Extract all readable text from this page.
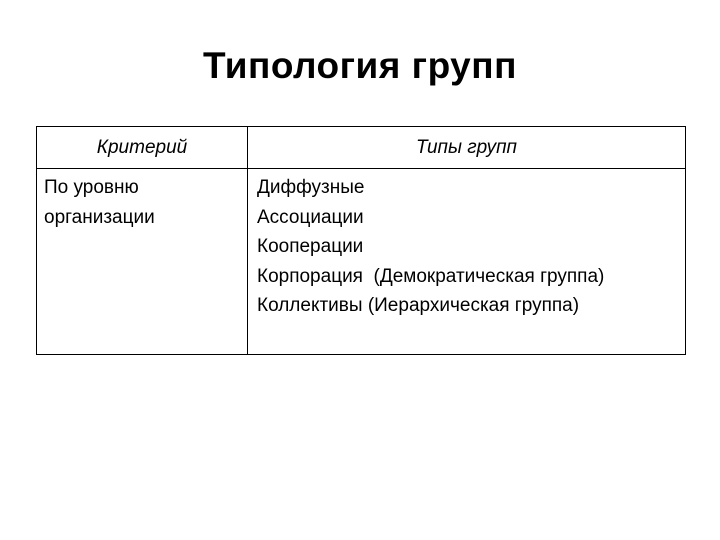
Типология групп
Критерий	Типы групп

По уровню
организации	Диффузные
Ассоциации
Кооперации
Корпорация  (Демократическая группа)
Коллективы (Иерархическая группа)
